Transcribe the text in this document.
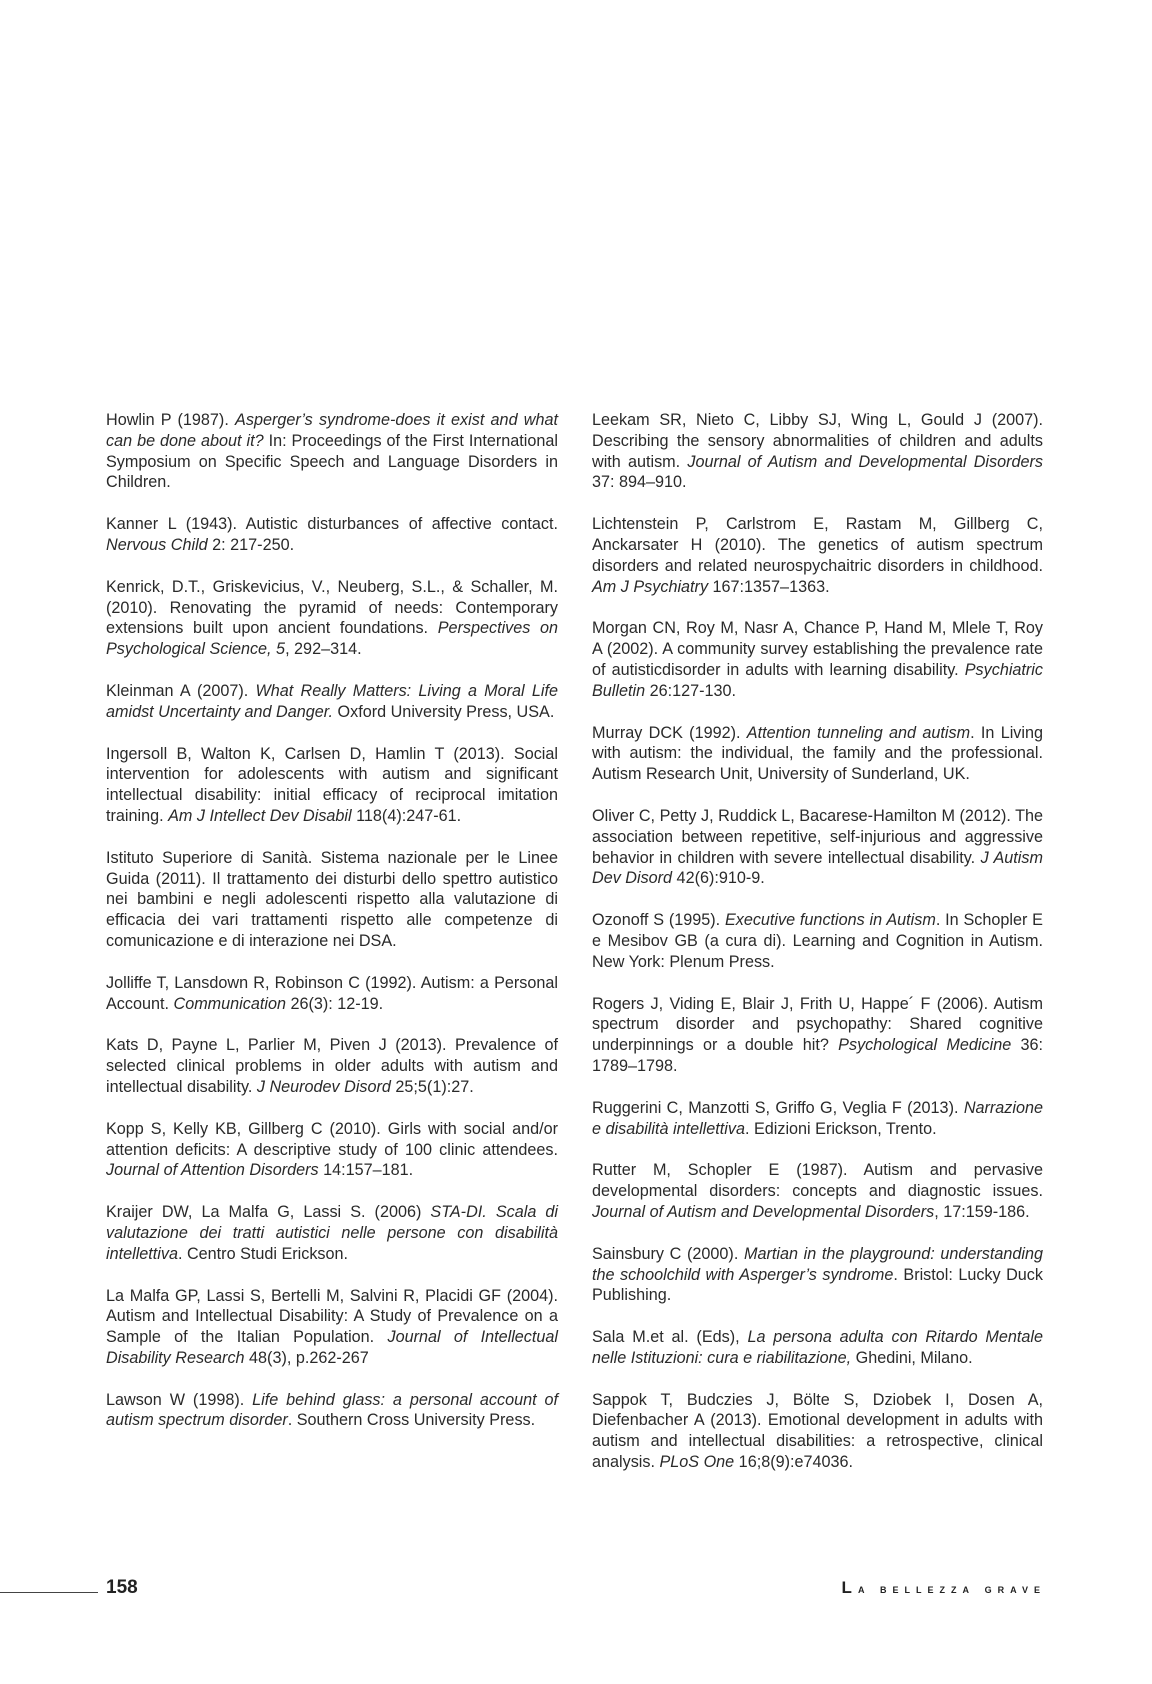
Howlin P (1987). Asperger’s syndrome-does it exist and what can be done about it? In: Proceedings of the First International Symposium on Specific Speech and Language Disorders in Children.

Kanner L (1943). Autistic disturbances of affective contact. Nervous Child 2: 217-250.

Kenrick, D.T., Griskevicius, V., Neuberg, S.L., & Schaller, M. (2010). Renovating the pyramid of needs: Contemporary extensions built upon ancient foundations. Perspectives on Psychological Science, 5, 292–314.

Kleinman A (2007). What Really Matters: Living a Moral Life amidst Uncertainty and Danger. Oxford University Press, USA.

Ingersoll B, Walton K, Carlsen D, Hamlin T (2013). Social intervention for adolescents with autism and significant intellectual disability: initial efficacy of reciprocal imitation training. Am J Intellect Dev Disabil 118(4):247-61.

Istituto Superiore di Sanità. Sistema nazionale per le Linee Guida (2011). Il trattamento dei disturbi dello spettro autistico nei bambini e negli adolescenti rispetto alla valutazione di efficacia dei vari trattamenti rispetto alle competenze di comunicazione e di interazione nei DSA.

Jolliffe T, Lansdown R, Robinson C (1992). Autism: a Personal Account. Communication 26(3): 12-19.

Kats D, Payne L, Parlier M, Piven J (2013). Prevalence of selected clinical problems in older adults with autism and intellectual disability. J Neurodev Disord 25;5(1):27.

Kopp S, Kelly KB, Gillberg C (2010). Girls with social and/or attention deficits: A descriptive study of 100 clinic attendees. Journal of Attention Disorders 14:157–181.

Kraijer DW, La Malfa G, Lassi S. (2006) STA-DI. Scala di valutazione dei tratti autistici nelle persone con disabilità intellettiva. Centro Studi Erickson.

La Malfa GP, Lassi S, Bertelli M, Salvini R, Placidi GF (2004). Autism and Intellectual Disability: A Study of Prevalence on a Sample of the Italian Population. Journal of Intellectual Disability Research 48(3), p.262-267

Lawson W (1998). Life behind glass: a personal account of autism spectrum disorder. Southern Cross University Press.

Leekam SR, Nieto C, Libby SJ, Wing L, Gould J (2007). Describing the sensory abnormalities of children and adults with autism. Journal of Autism and Developmental Disorders 37: 894–910.

Lichtenstein P, Carlstrom E, Rastam M, Gillberg C, Anckarsater H (2010). The genetics of autism spectrum disorders and related neurospychaitric disorders in childhood. Am J Psychiatry 167:1357–1363.

Morgan CN, Roy M, Nasr A, Chance P, Hand M, Mlele T, Roy A (2002). A community survey establishing the prevalence rate of autisticdisorder in adults with learning disability. Psychiatric Bulletin 26:127-130.

Murray DCK (1992). Attention tunneling and autism. In Living with autism: the individual, the family and the professional. Autism Research Unit, University of Sunderland, UK.

Oliver C, Petty J, Ruddick L, Bacarese-Hamilton M (2012). The association between repetitive, self-injurious and aggressive behavior in children with severe intellectual disability. J Autism Dev Disord 42(6):910-9.

Ozonoff S (1995). Executive functions in Autism. In Schopler E e Mesibov GB (a cura di). Learning and Cognition in Autism. New York: Plenum Press.

Rogers J, Viding E, Blair J, Frith U, Happe´ F (2006). Autism spectrum disorder and psychopathy: Shared cognitive underpinnings or a double hit? Psychological Medicine 36: 1789–1798.

Ruggerini C, Manzotti S, Griffo G, Veglia F (2013). Narrazione e disabilità intellettiva. Edizioni Erickson, Trento.

Rutter M, Schopler E (1987). Autism and pervasive developmental disorders: concepts and diagnostic issues. Journal of Autism and Developmental Disorders, 17:159-186.

Sainsbury C (2000). Martian in the playground: understanding the schoolchild with Asperger’s syndrome. Bristol: Lucky Duck Publishing.

Sala M.et al. (Eds), La persona adulta con Ritardo Mentale nelle Istituzioni: cura e riabilitazione, Ghedini, Milano.

Sappok T, Budczies J, Bölte S, Dziobek I, Dosen A, Diefenbacher A (2013). Emotional development in adults with autism and intellectual disabilities: a retrospective, clinical analysis. PLoS One 16;8(9):e74036.

158	La bellezza grave
